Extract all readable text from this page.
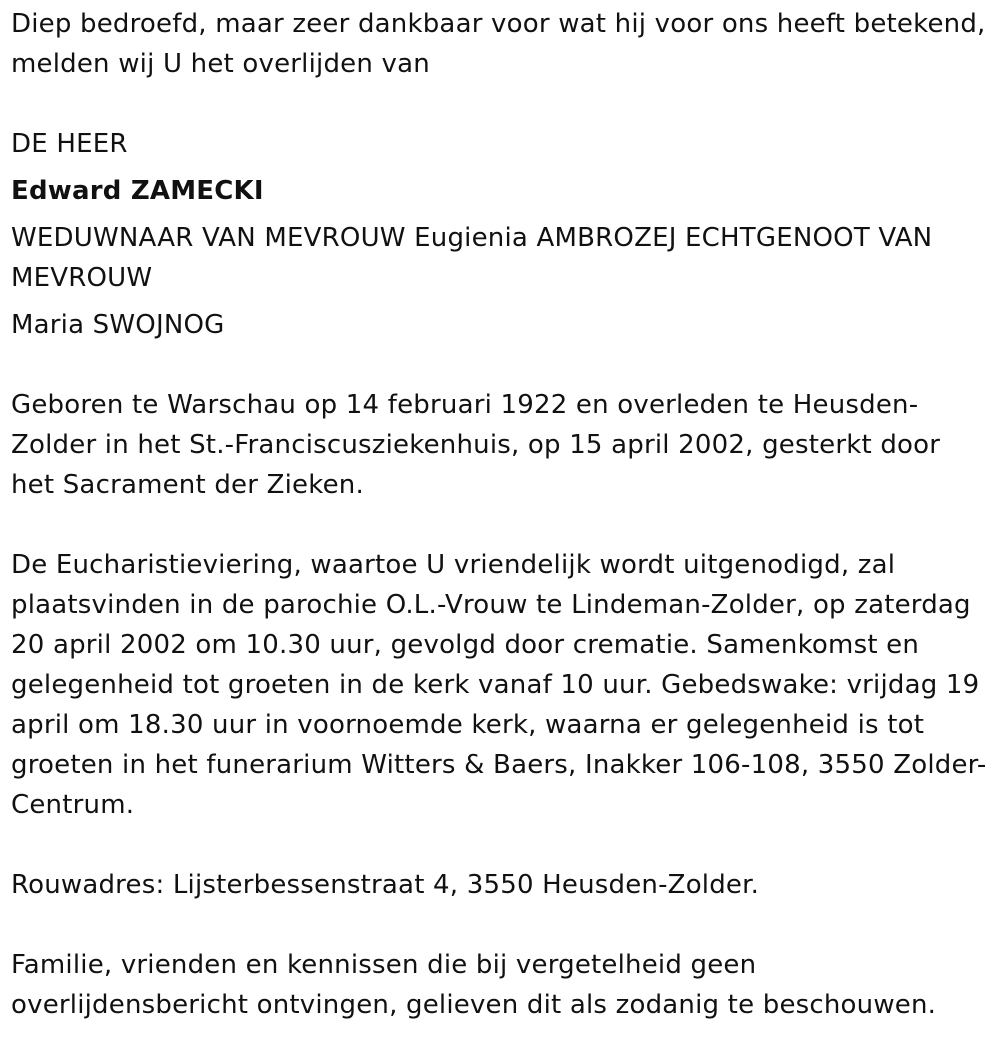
Diep bedroefd, maar zeer dankbaar voor wat hij voor ons heeft betekend, melden wij U het overlijden van

DE HEER

Edward ZAMECKI

WEDUWNAAR VAN MEVROUW Eugienia AMBROZEJ ECHTGENOOT VAN MEVROUW

Maria SWOJNOG

Geboren te Warschau op 14 februari 1922 en overleden te Heusden-Zolder in het St.-Franciscusziekenhuis, op 15 april 2002, gesterkt door het Sacrament der Zieken.

De Eucharistieviering, waartoe U vriendelijk wordt uitgenodigd, zal plaatsvinden in de parochie O.L.-Vrouw te Lindeman-Zolder, op zaterdag 20 april 2002 om 10.30 uur, gevolgd door crematie. Samenkomst en gelegenheid tot groeten in de kerk vanaf 10 uur. Gebedswake: vrijdag 19 april om 18.30 uur in voornoemde kerk, waarna er gelegenheid is tot groeten in het funerarium Witters & Baers, Inakker 106-108, 3550 Zolder-Centrum.

Rouwadres: Lijsterbessenstraat 4, 3550 Heusden-Zolder.

Familie, vrienden en kennissen die bij vergetelheid geen overlijdensbericht ontvingen, gelieven dit als zodanig te beschouwen.
